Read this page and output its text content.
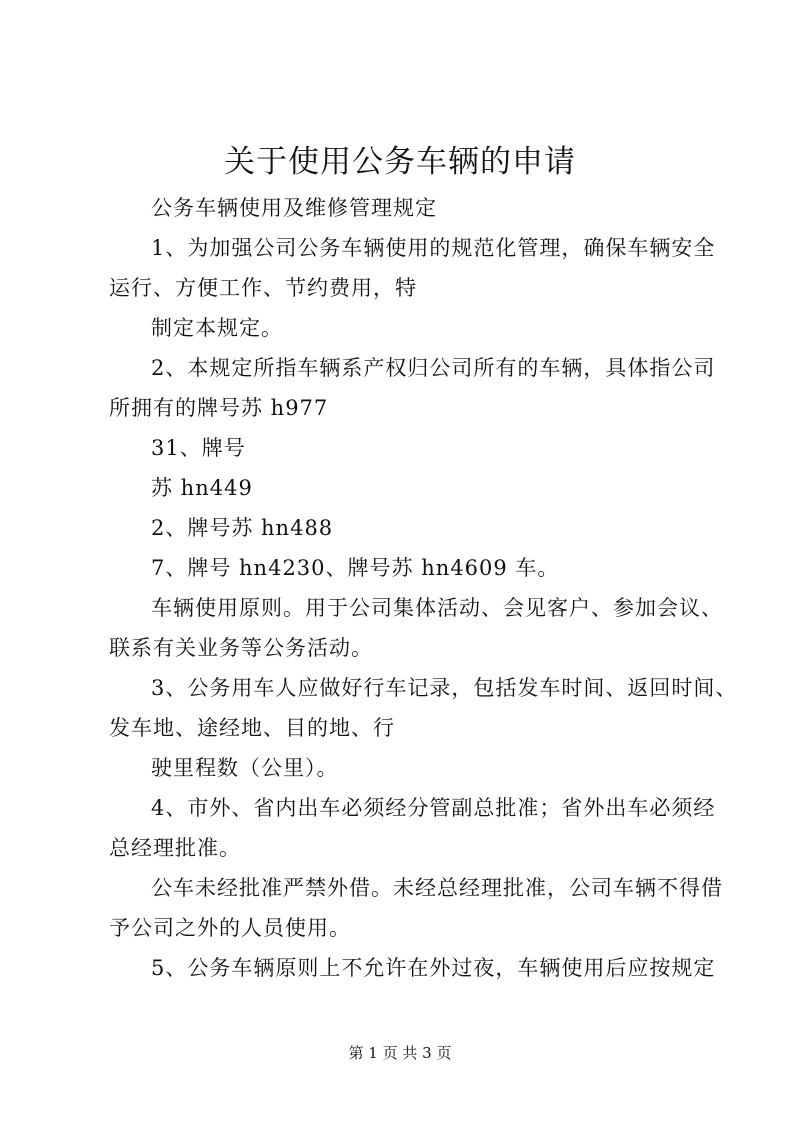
关于使用公务车辆的申请
公务车辆使用及维修管理规定
1、为加强公司公务车辆使用的规范化管理，确保车辆安全
运行、方便工作、节约费用，特
制定本规定。
2、本规定所指车辆系产权归公司所有的车辆，具体指公司
所拥有的牌号苏 h977
31、牌号
苏 hn449
2、牌号苏 hn488
7、牌号 hn4230、牌号苏 hn4609 车。
车辆使用原则。用于公司集体活动、会见客户、参加会议、
联系有关业务等公务活动。
3、公务用车人应做好行车记录，包括发车时间、返回时间、
发车地、途经地、目的地、行
驶里程数（公里）。
4、市外、省内出车必须经分管副总批准；省外出车必须经
总经理批准。
公车未经批准严禁外借。未经总经理批准，公司车辆不得借
予公司之外的人员使用。
5、公务车辆原则上不允许在外过夜，车辆使用后应按规定
第 1 页 共 3 页
